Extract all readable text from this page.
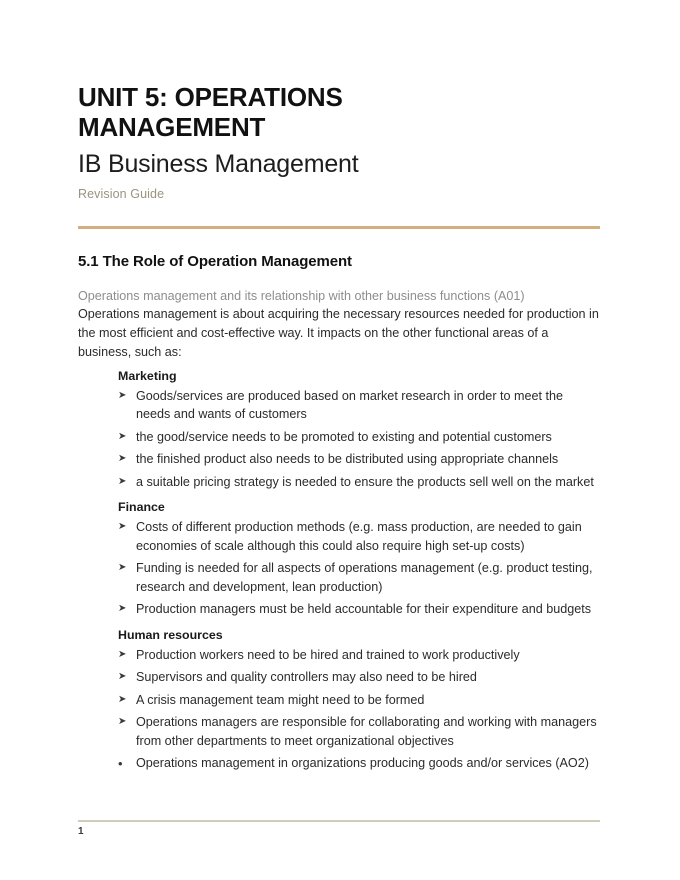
UNIT 5: OPERATIONS MANAGEMENT
IB Business Management

Revision Guide

5.1 The Role of Operation Management

Operations management and its relationship with other business functions (A01)

Operations management is about acquiring the necessary resources needed for production in the most efficient and cost-effective way. It impacts on the other functional areas of a business, such as:

Marketing
➤
Goods/services are produced based on market research in order to meet the needs and wants of customers
➤
the good/service needs to be promoted to existing and potential customers
➤
the finished product also needs to be distributed using appropriate channels
➤
a suitable pricing strategy is needed to ensure the products sell well on the market
Finance
➤
Costs of different production methods (e.g. mass production, are needed to gain economies of scale although this could also require high set-up costs)
➤
Funding is needed for all aspects of operations management (e.g. product testing, research and development, lean production)
➤
Production managers must be held accountable for their expenditure and budgets
Human resources
➤
Production workers need to be hired and trained to work productively
➤
Supervisors and quality controllers may also need to be hired
➤
A crisis management team might need to be formed
➤
Operations managers are responsible for collaborating and working with managers from other departments to meet organizational objectives
•
Operations management in organizations producing goods and/or services (AO2)
1
